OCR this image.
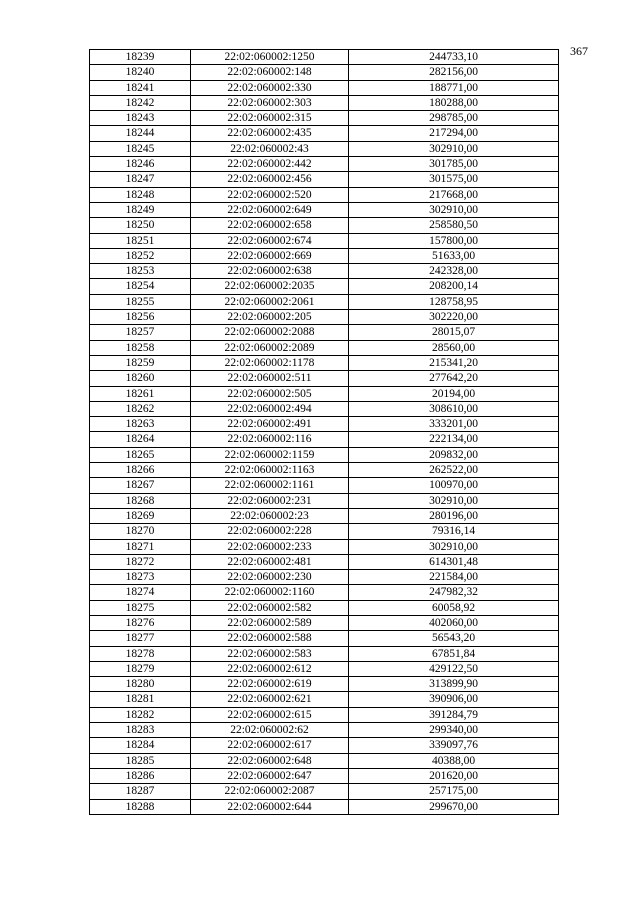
367
18239	22:02:060002:1250	244733,10
18240	22:02:060002:148	282156,00
18241	22:02:060002:330	188771,00
18242	22:02:060002:303	180288,00
18243	22:02:060002:315	298785,00
18244	22:02:060002:435	217294,00
18245	22:02:060002:43	302910,00
18246	22:02:060002:442	301785,00
18247	22:02:060002:456	301575,00
18248	22:02:060002:520	217668,00
18249	22:02:060002:649	302910,00
18250	22:02:060002:658	258580,50
18251	22:02:060002:674	157800,00
18252	22:02:060002:669	51633,00
18253	22:02:060002:638	242328,00
18254	22:02:060002:2035	208200,14
18255	22:02:060002:2061	128758,95
18256	22:02:060002:205	302220,00
18257	22:02:060002:2088	28015,07
18258	22:02:060002:2089	28560,00
18259	22:02:060002:1178	215341,20
18260	22:02:060002:511	277642,20
18261	22:02:060002:505	20194,00
18262	22:02:060002:494	308610,00
18263	22:02:060002:491	333201,00
18264	22:02:060002:116	222134,00
18265	22:02:060002:1159	209832,00
18266	22:02:060002:1163	262522,00
18267	22:02:060002:1161	100970,00
18268	22:02:060002:231	302910,00
18269	22:02:060002:23	280196,00
18270	22:02:060002:228	79316,14
18271	22:02:060002:233	302910,00
18272	22:02:060002:481	614301,48
18273	22:02:060002:230	221584,00
18274	22:02:060002:1160	247982,32
18275	22:02:060002:582	60058,92
18276	22:02:060002:589	402060,00
18277	22:02:060002:588	56543,20
18278	22:02:060002:583	67851,84
18279	22:02:060002:612	429122,50
18280	22:02:060002:619	313899,90
18281	22:02:060002:621	390906,00
18282	22:02:060002:615	391284,79
18283	22:02:060002:62	299340,00
18284	22:02:060002:617	339097,76
18285	22:02:060002:648	40388,00
18286	22:02:060002:647	201620,00
18287	22:02:060002:2087	257175,00
18288	22:02:060002:644	299670,00
